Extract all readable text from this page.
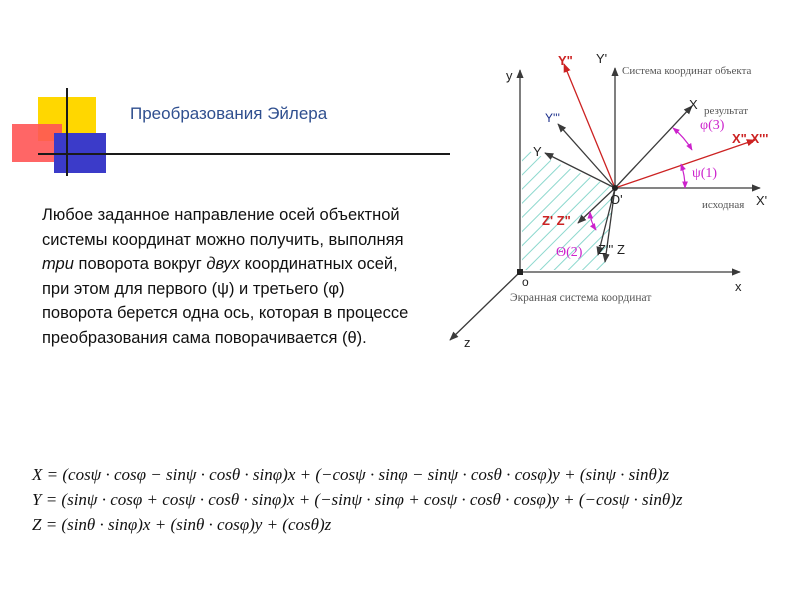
Преобразования Эйлера
Любое заданное направление осей объектной системы координат можно получить, выполняя три поворота вокруг двух координатных осей, при этом для первого (ψ) и третьего (φ) поворота берется одна ось, которая в процессе преобразования сама поворачивается (θ).
y
x
z
o
Экранная система координат
Система координат объекта
Y'
Y"
Y'''
Y
X результат
X" X'''
X'
исходная
O'
Z' Z"
Z''' Z
φ(3)
ψ(1)
Θ(2)
X = (cosψ · cosφ − sinψ · cosθ · sinφ)x + (−cosψ · sinφ − sinψ · cosθ · cosφ)y + (sinψ · sinθ)z
Y = (sinψ · cosφ + cosψ · cosθ · sinφ)x + (−sinψ · sinφ + cosψ · cosθ · cosφ)y + (−cosψ · sinθ)z
Z = (sinθ · sinφ)x + (sinθ · cosφ)y + (cosθ)z
